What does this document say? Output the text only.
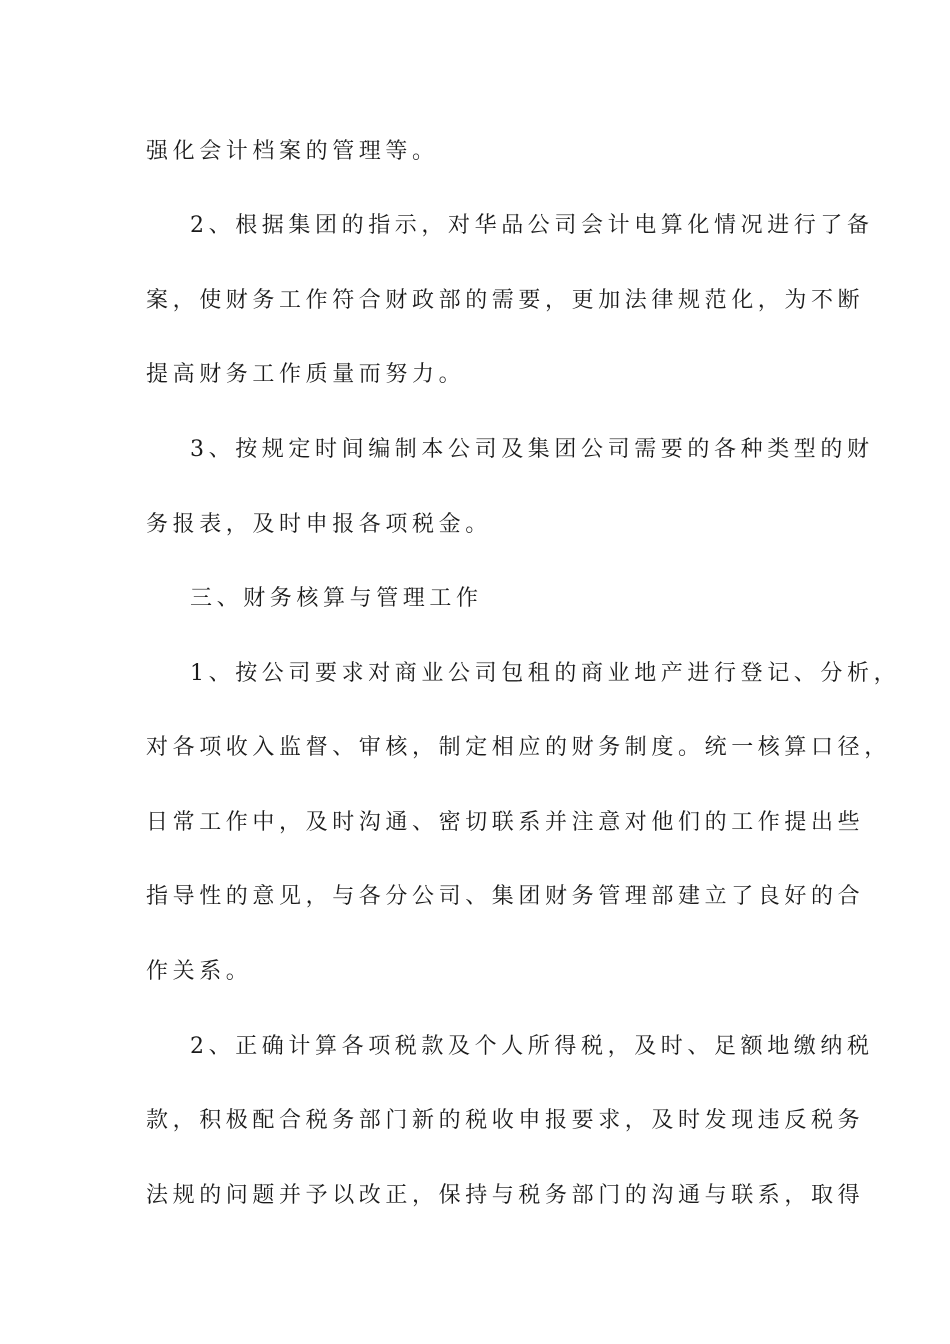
强化会计档案的管理等。

2、根据集团的指示，对华品公司会计电算化情况进行了备

案，使财务工作符合财政部的需要，更加法律规范化，为不断

提高财务工作质量而努力。

3、按规定时间编制本公司及集团公司需要的各种类型的财

务报表，及时申报各项税金。

三、财务核算与管理工作

1、按公司要求对商业公司包租的商业地产进行登记、分析，

对各项收入监督、审核，制定相应的财务制度。统一核算口径，

日常工作中，及时沟通、密切联系并注意对他们的工作提出些

指导性的意见，与各分公司、集团财务管理部建立了良好的合

作关系。

2、正确计算各项税款及个人所得税，及时、足额地缴纳税

款，积极配合税务部门新的税收申报要求，及时发现违反税务

法规的问题并予以改正，保持与税务部门的沟通与联系，取得
